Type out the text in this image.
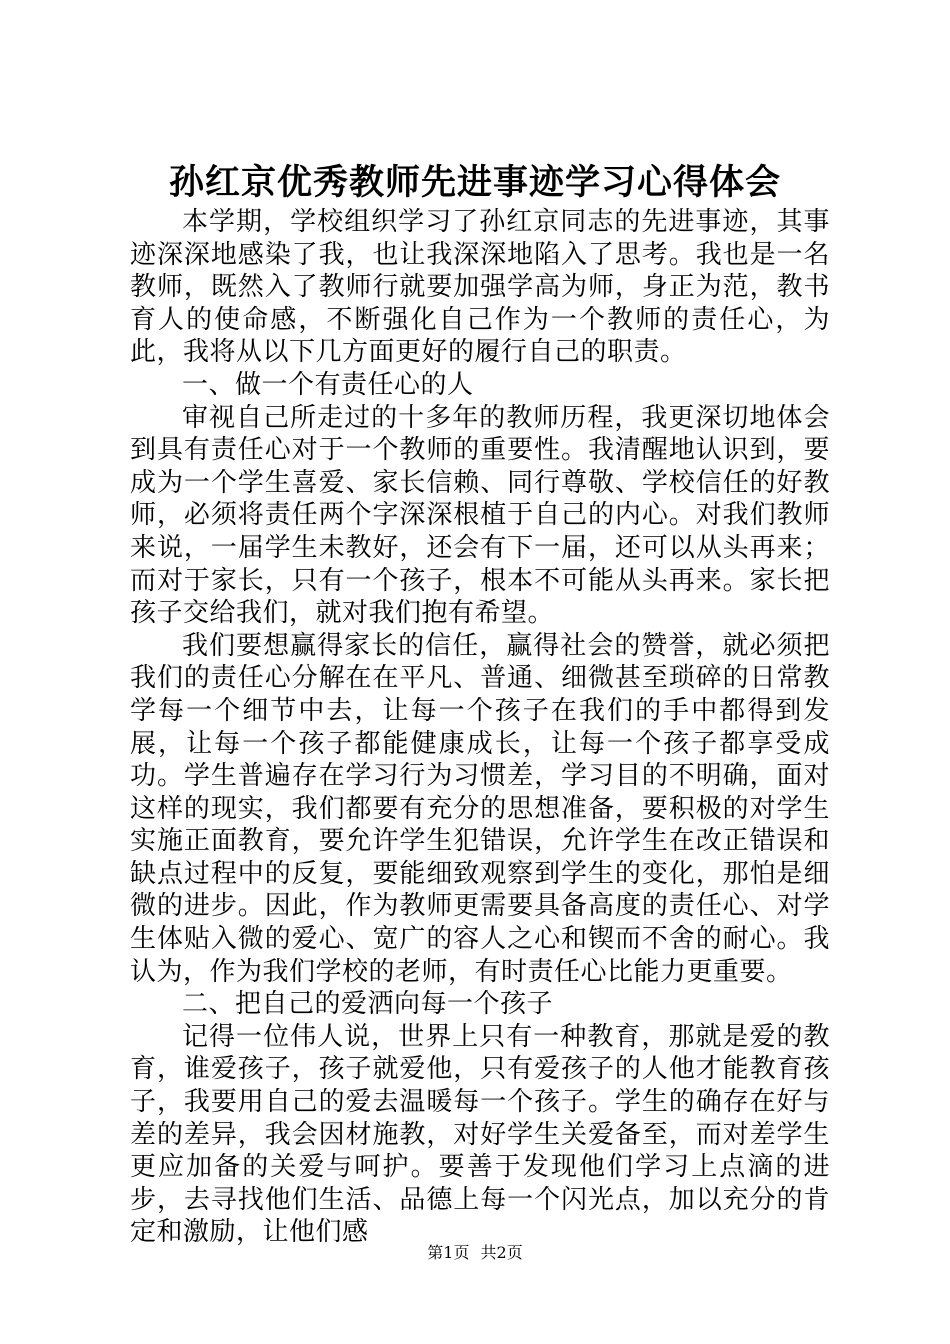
孙红京优秀教师先进事迹学习心得体会

本学期，学校组织学习了孙红京同志的先进事迹，其事迹深深地感染了我，也让我深深地陷入了思考。我也是一名教师，既然入了教师行就要加强学高为师，身正为范，教书育人的使命感，不断强化自己作为一个教师的责任心，为此，我将从以下几方面更好的履行自己的职责。

一、做一个有责任心的人

审视自己所走过的十多年的教师历程，我更深切地体会到具有责任心对于一个教师的重要性。我清醒地认识到，要成为一个学生喜爱、家长信赖、同行尊敬、学校信任的好教师，必须将责任两个字深深根植于自己的内心。对我们教师来说，一届学生未教好，还会有下一届，还可以从头再来；而对于家长，只有一个孩子，根本不可能从头再来。家长把孩子交给我们，就对我们抱有希望。

我们要想赢得家长的信任，赢得社会的赞誉，就必须把我们的责任心分解在在平凡、普通、细微甚至琐碎的日常教学每一个细节中去，让每一个孩子在我们的手中都得到发展，让每一个孩子都能健康成长，让每一个孩子都享受成功。学生普遍存在学习行为习惯差，学习目的不明确，面对这样的现实，我们都要有充分的思想准备，要积极的对学生实施正面教育，要允许学生犯错误，允许学生在改正错误和缺点过程中的反复，要能细致观察到学生的变化，那怕是细微的进步。因此，作为教师更需要具备高度的责任心、对学生体贴入微的爱心、宽广的容人之心和锲而不舍的耐心。我认为，作为我们学校的老师，有时责任心比能力更重要。

二、把自己的爱洒向每一个孩子

记得一位伟人说，世界上只有一种教育，那就是爱的教育，谁爱孩子，孩子就爱他，只有爱孩子的人他才能教育孩子，我要用自己的爱去温暖每一个孩子。学生的确存在好与差的差异，我会因材施教，对好学生关爱备至，而对差学生更应加备的关爱与呵护。要善于发现他们学习上点滴的进步，去寻找他们生活、品德上每一个闪光点，加以充分的肯定和激励，让他们感

第1页 共2页
